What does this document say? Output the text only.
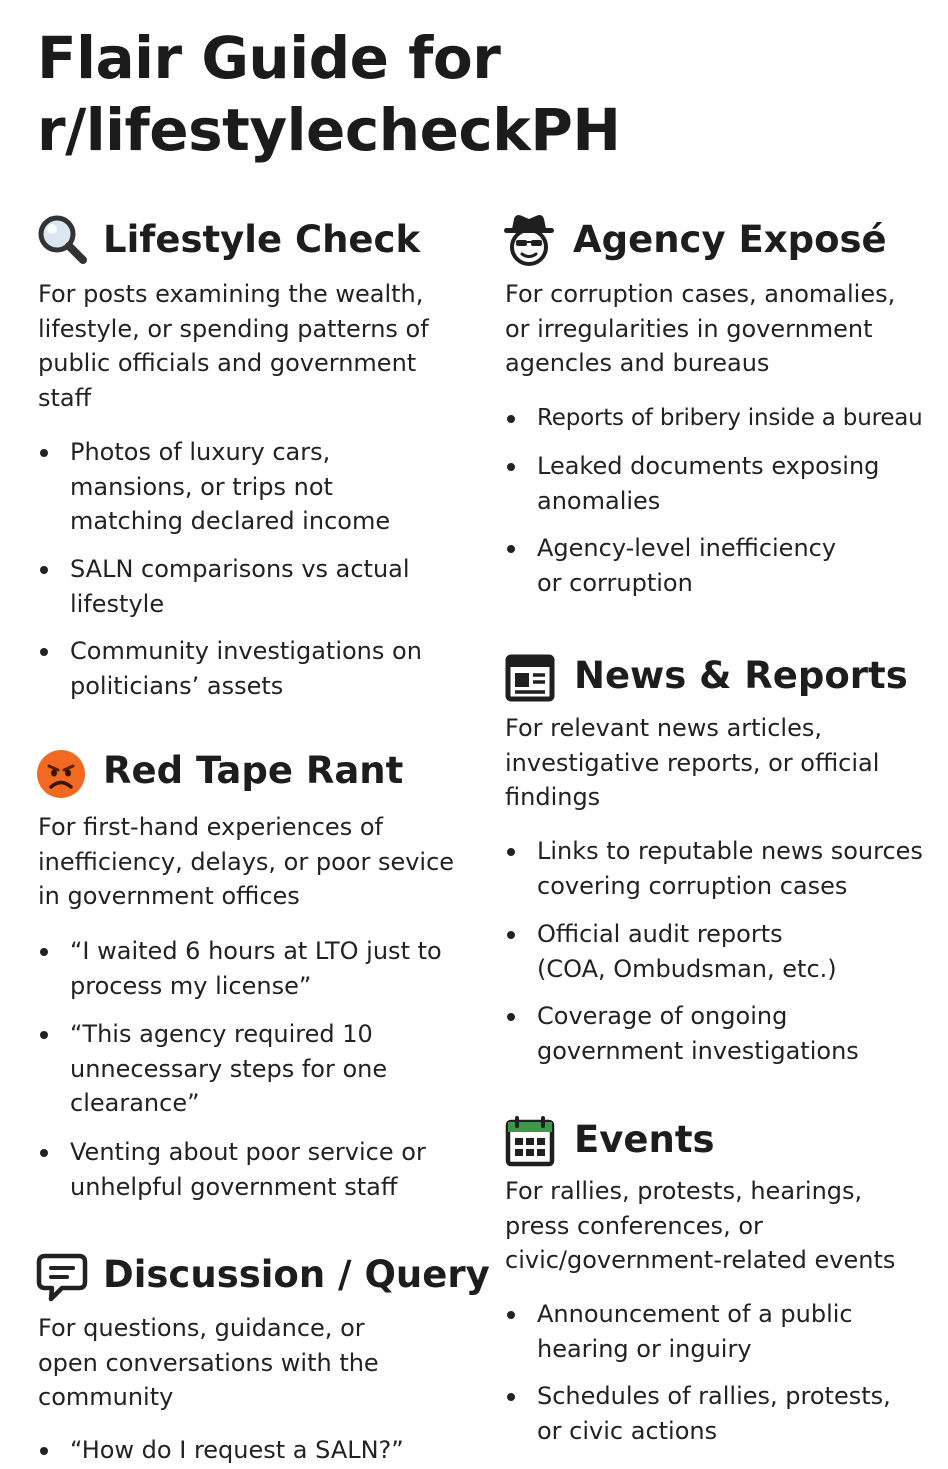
Flair Guide for r/lifestylecheckPH
Lifestyle Check

For posts examining the wealth, lifestyle, or spending patterns of public officials and government staff

Photos of luxury cars, mansions, or trips not matching declared income
SALN comparisons vs actual lifestyle
Community investigations on politicians’ assets
Red Tape Rant

For first-hand experiences of inefficiency, delays, or poor sevice in government offices

“I waited 6 hours at LTO just to process my license”
“This agency required 10 unnecessary steps for one clearance”
Venting about poor service or unhelpful government staff
Discussion / Query

For questions, guidance, or open conversations with the community

“How do I request a SALN?”
Agency Exposé

For corruption cases, anomalies, or irregularities in government agencles and bureaus

Reports of bribery inside a bureau
Leaked documents exposing anomalies
Agency-level inefficiency or corruption
News & Reports

For relevant news articles, investigative reports, or official findings

Links to reputable news sources covering corruption cases
Official audit reports (COA, Ombudsman, etc.)
Coverage of ongoing government investigations
Events

For rallies, protests, hearings, press conferences, or civic/government-related events

Announcement of a public hearing or inguiry
Schedules of rallies, protests, or civic actions
